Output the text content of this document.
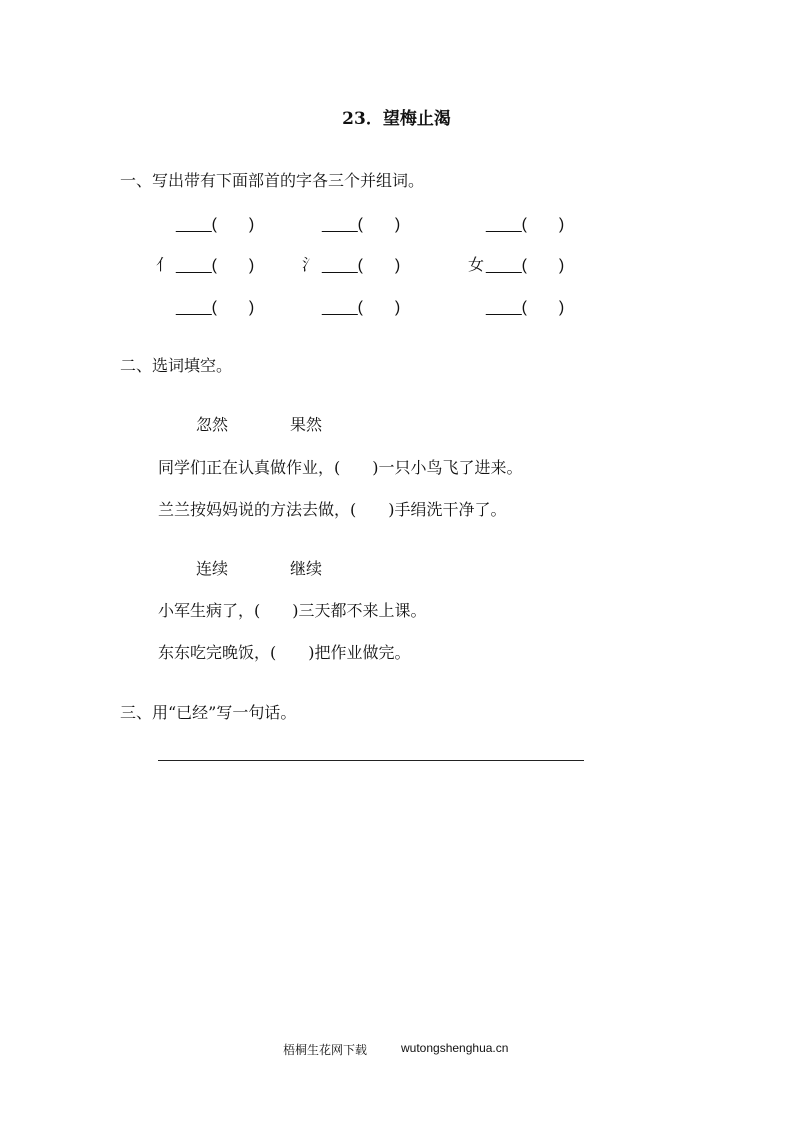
23．望梅止渴
一、写出带有下面部首的字各三个并组词。
____(　　)	____(　　)	____(　　)
亻 ____(　　)	氵 ____(　　)	女 ____(　　)
____(　　)	____(　　)	____(　　)
二、选词填空。
忽然	果然
同学们正在认真做作业，(　　)一只小鸟飞了进来。
兰兰按妈妈说的方法去做，(　　)手绢洗干净了。
连续	继续
小军生病了，(　　)三天都不来上课。
东东吃完晚饭，(　　)把作业做完。
三、用“已经”写一句话。
梧桐生花网下载	wutongshenghua.cn
